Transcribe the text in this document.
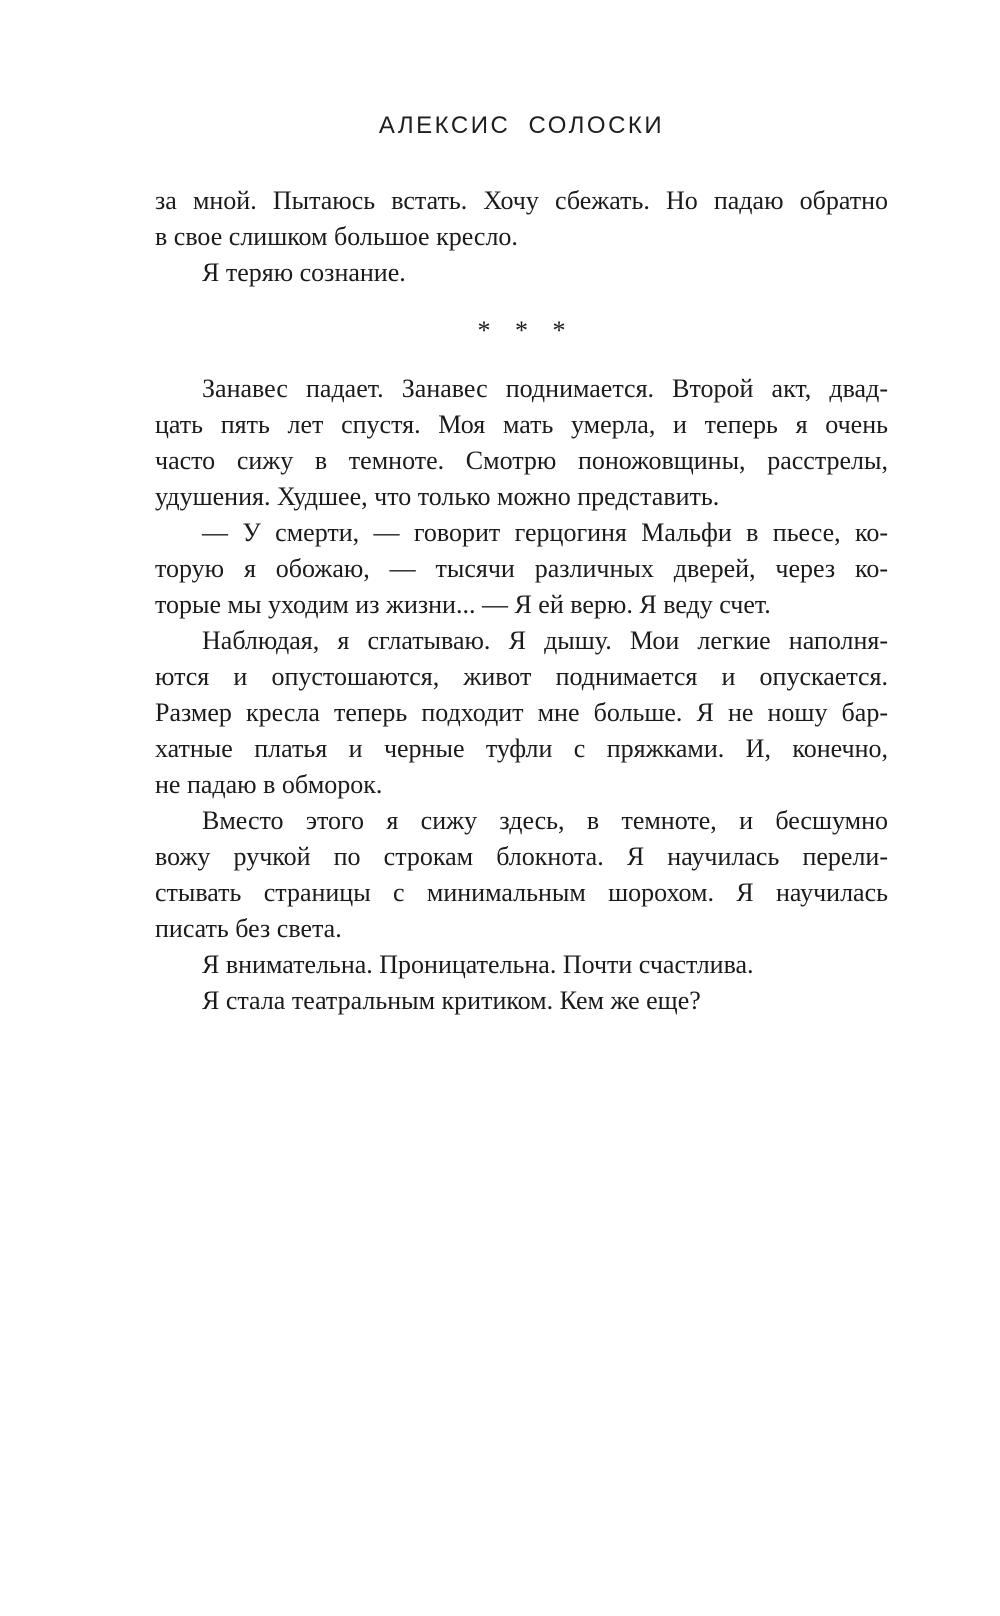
АЛЕКСИС СОЛОСКИ
за мной. Пытаюсь встать. Хочу сбежать. Но падаю обратно
в свое слишком большое кресло.
Я теряю сознание.
* * *
Занавес падает. Занавес поднимается. Второй акт, двад-
цать пять лет спустя. Моя мать умерла, и теперь я очень
часто сижу в темноте. Смотрю поножовщины, расстрелы,
удушения. Худшее, что только можно представить.
— У смерти, — говорит герцогиня Мальфи в пьесе, ко-
торую я обожаю, — тысячи различных дверей, через ко-
торые мы уходим из жизни... — Я ей верю. Я веду счет.
Наблюдая, я сглатываю. Я дышу. Мои легкие наполня-
ются и опустошаются, живот поднимается и опускается.
Размер кресла теперь подходит мне больше. Я не ношу бар-
хатные платья и черные туфли с пряжками. И, конечно,
не падаю в обморок.
Вместо этого я сижу здесь, в темноте, и бесшумно
вожу ручкой по строкам блокнота. Я научилась перели-
стывать страницы с минимальным шорохом. Я научилась
писать без света.
Я внимательна. Проницательна. Почти счастлива.
Я стала театральным критиком. Кем же еще?
